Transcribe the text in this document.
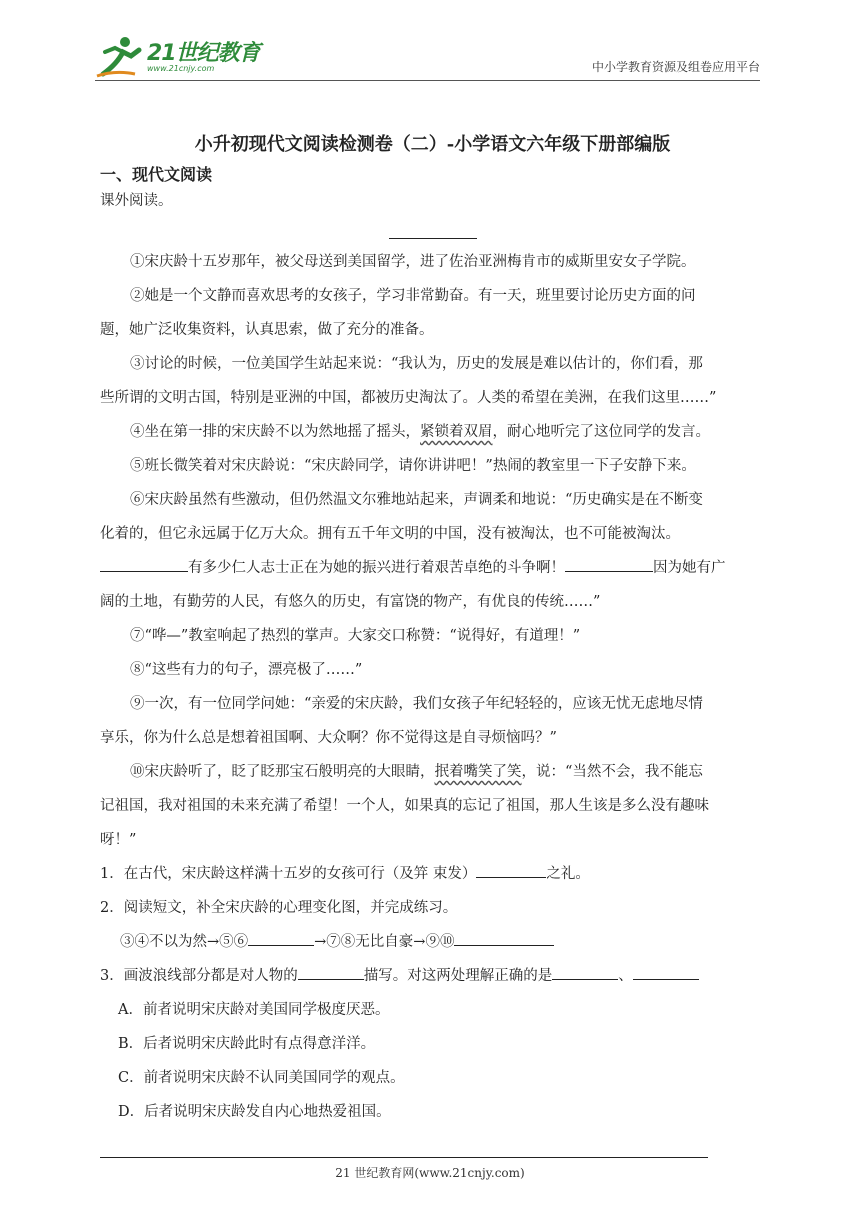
21世纪教育
www.21cnjy.com	中小学教育资源及组卷应用平台

小升初现代文阅读检测卷（二）-小学语文六年级下册部编版

一、现代文阅读

课外阅读。

①宋庆龄十五岁那年，被父母送到美国留学，进了佐治亚洲梅肯市的威斯里安女子学院。

②她是一个文静而喜欢思考的女孩子，学习非常勤奋。有一天，班里要讨论历史方面的问

题，她广泛收集资料，认真思索，做了充分的准备。

③讨论的时候，一位美国学生站起来说：“我认为，历史的发展是难以估计的，你们看，那

些所谓的文明古国，特别是亚洲的中国，都被历史淘汰了。人类的希望在美洲，在我们这里……”

④坐在第一排的宋庆龄不以为然地摇了摇头，紧锁着双眉，耐心地听完了这位同学的发言。

⑤班长微笑着对宋庆龄说：“宋庆龄同学，请你讲讲吧！”热闹的教室里一下子安静下来。

⑥宋庆龄虽然有些激动，但仍然温文尔雅地站起来，声调柔和地说：“历史确实是在不断变

化着的，但它永远属于亿万大众。拥有五千年文明的中国，没有被淘汰，也不可能被淘汰。

有多少仁人志士正在为她的振兴进行着艰苦卓绝的斗争啊！	因为她有广

阔的土地，有勤劳的人民，有悠久的历史，有富饶的物产，有优良的传统……”

⑦“哗—”教室响起了热烈的掌声。大家交口称赞：“说得好，有道理！”

⑧“这些有力的句子，漂亮极了……”

⑨一次，有一位同学问她：“亲爱的宋庆龄，我们女孩子年纪轻轻的，应该无忧无虑地尽情

享乐，你为什么总是想着祖国啊、大众啊？你不觉得这是自寻烦恼吗？”

⑩宋庆龄听了，眨了眨那宝石般明亮的大眼睛，抿着嘴笑了笑，说：“当然不会，我不能忘

记祖国，我对祖国的未来充满了希望！一个人，如果真的忘记了祖国，那人生该是多么没有趣味

呀！”

1．在古代，宋庆龄这样满十五岁的女孩可行（及笄 束发）	之礼。

2．阅读短文，补全宋庆龄的心理变化图，并完成练习。

③④不以为然→⑤⑥	→⑦⑧无比自豪→⑨⑩

3．画波浪线部分都是对人物的	描写。对这两处理解正确的是	、

A．前者说明宋庆龄对美国同学极度厌恶。

B．后者说明宋庆龄此时有点得意洋洋。

C．前者说明宋庆龄不认同美国同学的观点。

D．后者说明宋庆龄发自内心地热爱祖国。

21 世纪教育网(www.21cnjy.com)
